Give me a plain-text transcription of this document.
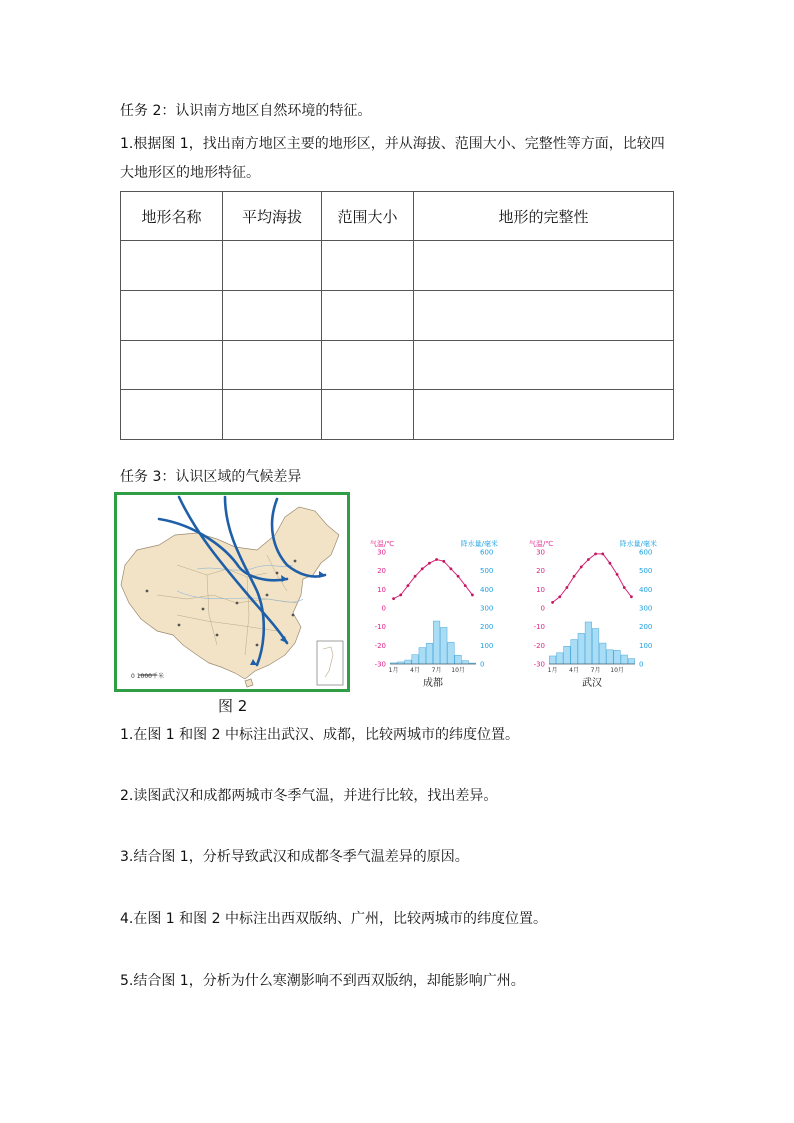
任务 2：认识南方地区自然环境的特征。
1.根据图 1，找出南方地区主要的地形区，并从海拔、范围大小、完整性等方面，比较四
大地形区的地形特征。
地形名称	平均海拔	范围大小	地形的完整性

任务 3：认识区域的气候差异
0 1000千米
图 2
气温/℃	降水量/毫米
30
20
10
0
-10
-20
-30
600
500
400
300
200
100
0
1月 4月 7月 10月
成都
气温/℃	降水量/毫米
30
20
10
0
-10
-20
-30
600
500
400
300
200
100
0
1月 4月 7月 10月
武汉
1.在图 1 和图 2 中标注出武汉、成都，比较两城市的纬度位置。
2.读图武汉和成都两城市冬季气温，并进行比较，找出差异。
3.结合图 1，分析导致武汉和成都冬季气温差异的原因。
4.在图 1 和图 2 中标注出西双版纳、广州，比较两城市的纬度位置。
5.结合图 1，分析为什么寒潮影响不到西双版纳，却能影响广州。
